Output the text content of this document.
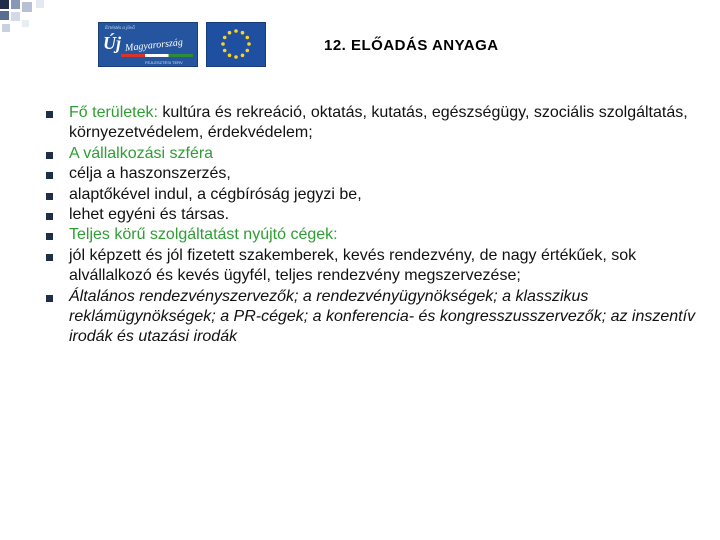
Ertéstés a jövő
Új Magyarország
FEJLESZTÉSI TERV
12. ELŐADÁS ANYAGA
Fő területek: kultúra és rekreáció, oktatás, kutatás, egészségügy, szociális szolgáltatás, környezetvédelem, érdekvédelem;
A vállalkozási szféra
célja a haszonszerzés,
alaptőkével indul, a cégbíróság jegyzi be,
lehet egyéni és társas.
Teljes körű szolgáltatást nyújtó cégek:
jól képzett és jól fizetett szakemberek, kevés rendezvény, de nagy értékűek, sok alvállalkozó és kevés ügyfél, teljes rendezvény megszervezése;
Általános rendezvényszervezők; a rendezvényügynökségek; a klasszikus reklámügynökségek; a PR-cégek; a konferencia- és kongresszusszervezők; az inszentív irodák és utazási irodák
